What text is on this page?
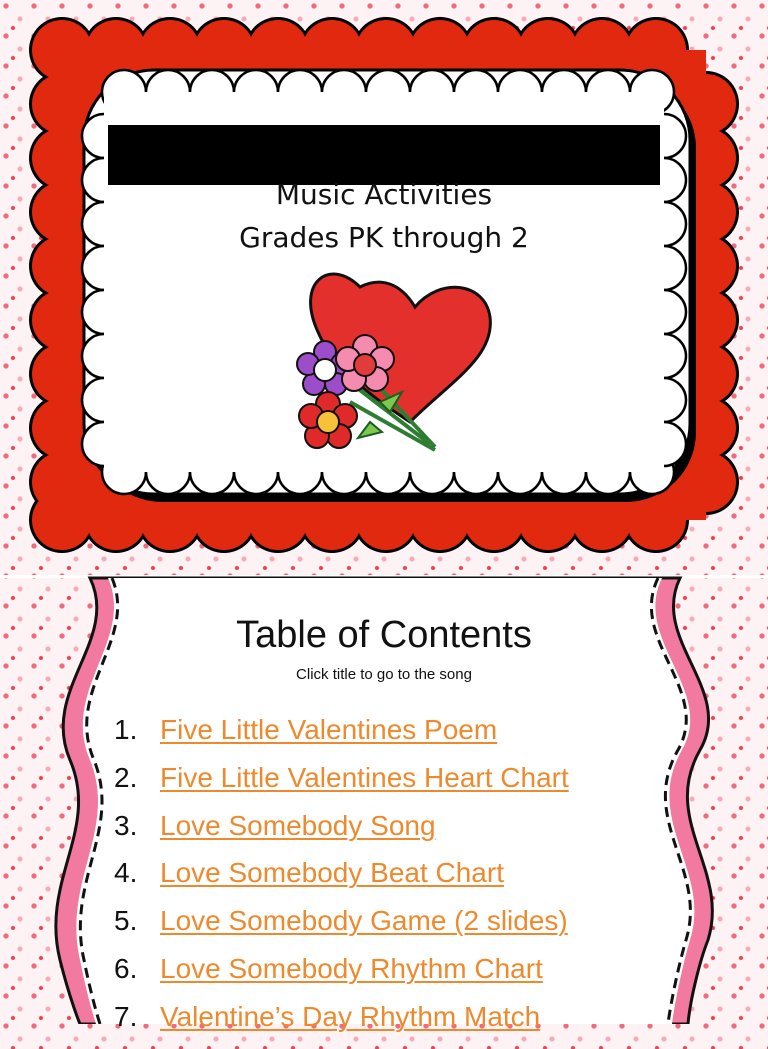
Music Activities
Grades PK through 2
Table of Contents
Click title to go to the song
1. Five Little Valentines Poem
2. Five Little Valentines Heart Chart
3. Love Somebody Song
4. Love Somebody Beat Chart
5. Love Somebody Game (2 slides)
6. Love Somebody Rhythm Chart
7. Valentine’s Day Rhythm Match
